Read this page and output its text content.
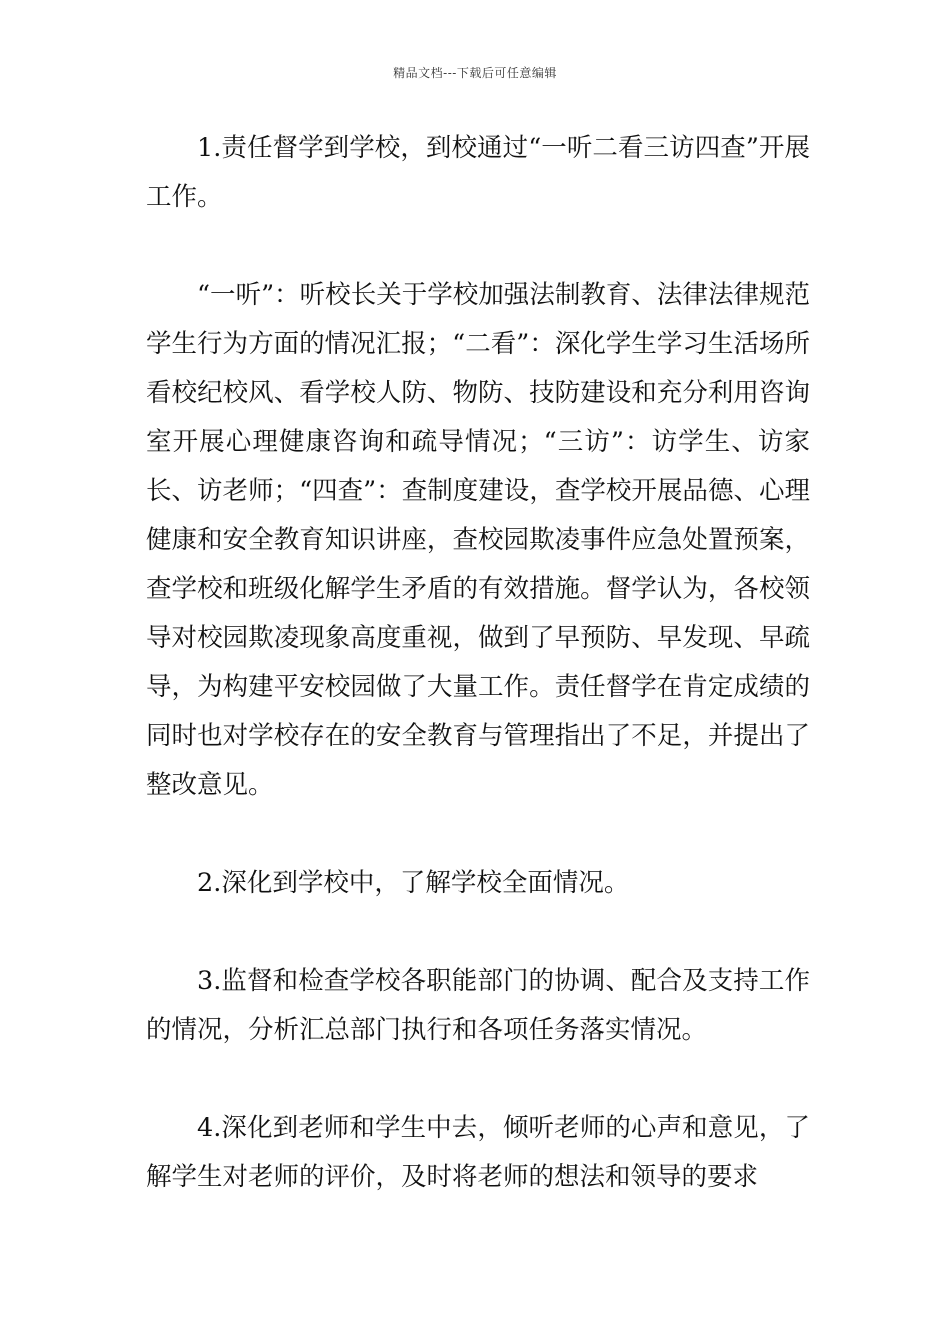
精品文档---下载后可任意编辑

1.责任督学到学校，到校通过“一听二看三访四查”开展工作。

“一听”：听校长关于学校加强法制教育、法律法律规范学生行为方面的情况汇报；“二看”：深化学生学习生活场所看校纪校风、看学校人防、物防、技防建设和充分利用咨询室开展心理健康咨询和疏导情况；“三访”：访学生、访家长、访老师；“四查”：查制度建设，查学校开展品德、心理健康和安全教育知识讲座，查校园欺凌事件应急处置预案，查学校和班级化解学生矛盾的有效措施。督学认为，各校领导对校园欺凌现象高度重视，做到了早预防、早发现、早疏导，为构建平安校园做了大量工作。责任督学在肯定成绩的同时也对学校存在的安全教育与管理指出了不足，并提出了整改意见。

2.深化到学校中，了解学校全面情况。

3.监督和检查学校各职能部门的协调、配合及支持工作的情况，分析汇总部门执行和各项任务落实情况。

4.深化到老师和学生中去，倾听老师的心声和意见，了解学生对老师的评价，及时将老师的想法和领导的要求
